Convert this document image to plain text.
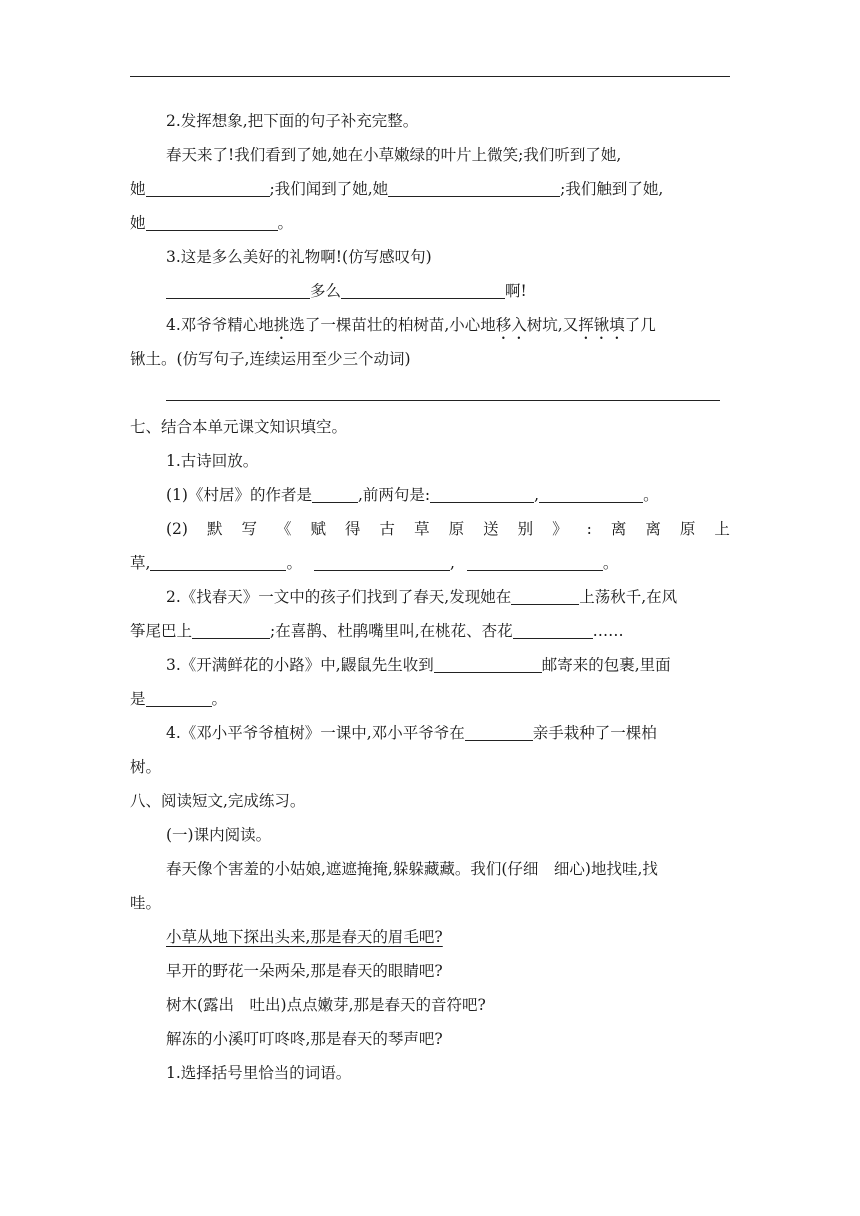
2.发挥想象,把下面的句子补充完整。
春天来了!我们看到了她,她在小草嫩绿的叶片上微笑;我们听到了她,
她	;我们闻到了她,她	;我们触到了她,
她	。
3.这是多么美好的礼物啊!(仿写感叹句)
多么	啊!
4.邓爷爷精心地挑选了一棵苗壮的柏树苗,小心地移入树坑,又挥锹填了几
锹土。(仿写句子,连续运用至少三个动词)
七、结合本单元课文知识填空。
1.古诗回放。
(1)《村居》的作者是	,前两句是:	,	。
(2) 默 写 《 赋 得 古 草 原 送 别 》 : 离 离 原 上
草,	。	,	。
2.《找春天》一文中的孩子们找到了春天,发现她在	上荡秋千,在风
筝尾巴上	;在喜鹊、杜鹃嘴里叫,在桃花、杏花	……
3.《开满鲜花的小路》中,鼹鼠先生收到	邮寄来的包裹,里面
是	。
4.《邓小平爷爷植树》一课中,邓小平爷爷在	亲手栽种了一棵柏
树。
八、阅读短文,完成练习。
(一)课内阅读。
春天像个害羞的小姑娘,遮遮掩掩,躲躲藏藏。我们(仔细　细心)地找哇,找
哇。
小草从地下探出头来,那是春天的眉毛吧?
早开的野花一朵两朵,那是春天的眼睛吧?
树木(露出　吐出)点点嫩芽,那是春天的音符吧?
解冻的小溪叮叮咚咚,那是春天的琴声吧?
1.选择括号里恰当的词语。
